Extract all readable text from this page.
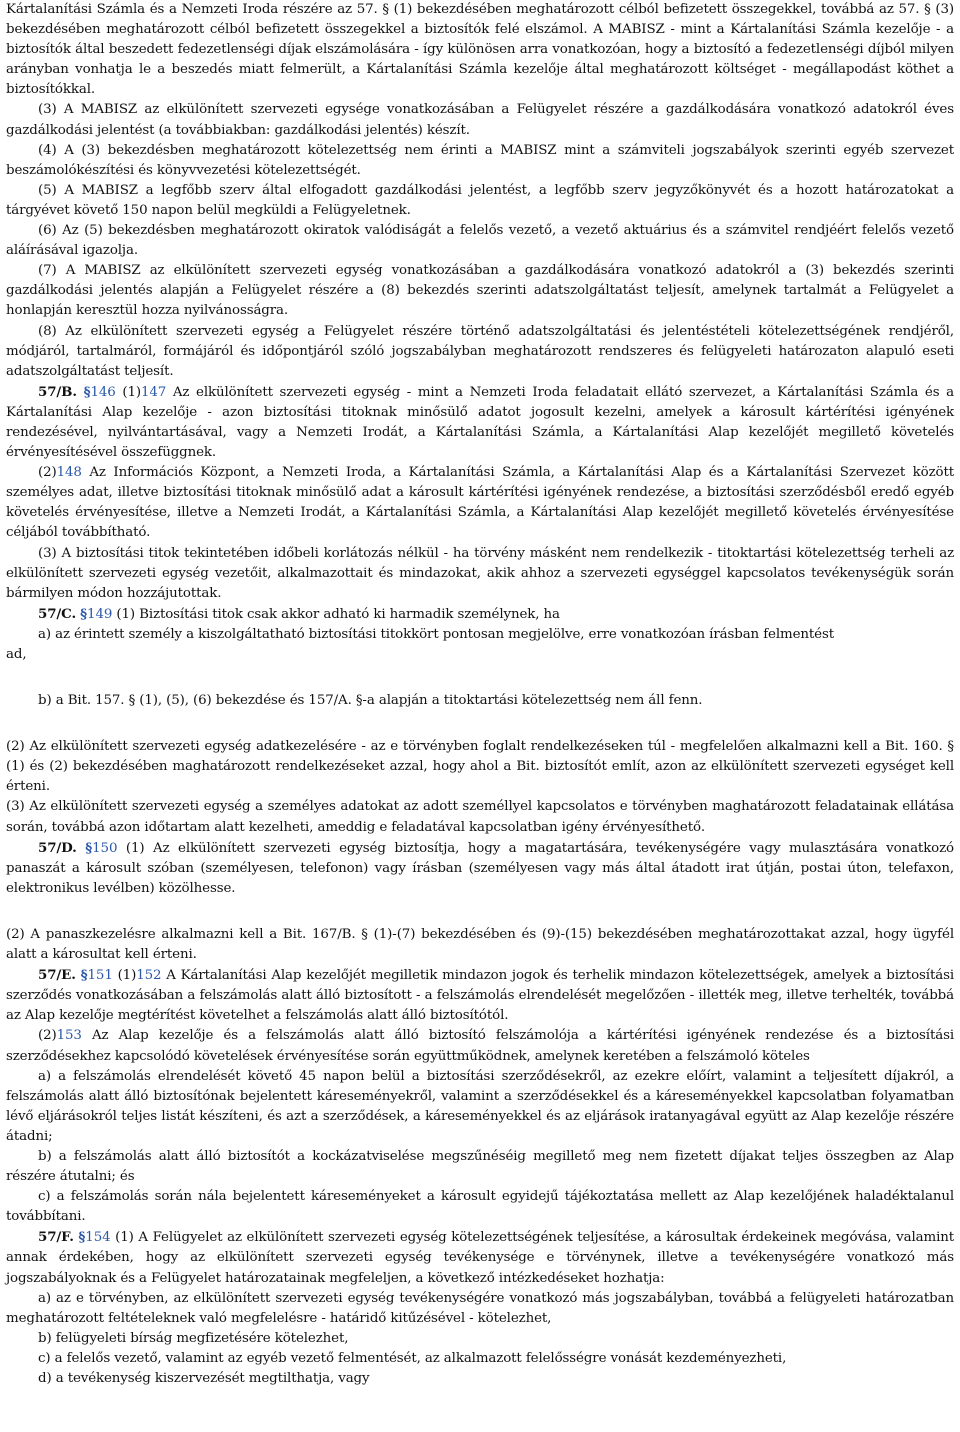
Kártalanítási Számla és a Nemzeti Iroda részére az 57. § (1) bekezdésében meghatározott célból befizetett összegekkel, továbbá az 57. § (3) bekezdésében meghatározott célból befizetett összegekkel a biztosítók felé elszámol. A MABISZ - mint a Kártalanítási Számla kezelője - a biztosítók által beszedett fedezetlenségi díjak elszámolására - így különösen arra vonatkozóan, hogy a biztosító a fedezetlenségi díjból milyen arányban vonhatja le a beszedés miatt felmerült, a Kártalanítási Számla kezelője által meghatározott költséget - megállapodást köthet a biztosítókkal.

(3) A MABISZ az elkülönített szervezeti egysége vonatkozásában a Felügyelet részére a gazdálkodására vonatkozó adatokról éves gazdálkodási jelentést (a továbbiakban: gazdálkodási jelentés) készít.

(4) A (3) bekezdésben meghatározott kötelezettség nem érinti a MABISZ mint a számviteli jogszabályok szerinti egyéb szervezet beszámolókészítési és könyvvezetési kötelezettségét.

(5) A MABISZ a legfőbb szerv által elfogadott gazdálkodási jelentést, a legfőbb szerv jegyzőkönyvét és a hozott határozatokat a tárgyévet követő 150 napon belül megküldi a Felügyeletnek.

(6) Az (5) bekezdésben meghatározott okiratok valódiságát a felelős vezető, a vezető aktuárius és a számvitel rendjéért felelős vezető aláírásával igazolja.

(7) A MABISZ az elkülönített szervezeti egység vonatkozásában a gazdálkodására vonatkozó adatokról a (3) bekezdés szerinti gazdálkodási jelentés alapján a Felügyelet részére a (8) bekezdés szerinti adatszolgáltatást teljesít, amelynek tartalmát a Felügyelet a honlapján keresztül hozza nyilvánosságra.

(8) Az elkülönített szervezeti egység a Felügyelet részére történő adatszolgáltatási és jelentéstételi kötelezettségének rendjéről, módjáról, tartalmáról, formájáról és időpontjáról szóló jogszabályban meghatározott rendszeres és felügyeleti határozaton alapuló eseti adatszolgáltatást teljesít.

57/B. §146 (1)147 Az elkülönített szervezeti egység - mint a Nemzeti Iroda feladatait ellátó szervezet, a Kártalanítási Számla és a Kártalanítási Alap kezelője - azon biztosítási titoknak minősülő adatot jogosult kezelni, amelyek a károsult kártérítési igényének rendezésével, nyilvántartásával, vagy a Nemzeti Irodát, a Kártalanítási Számla, a Kártalanítási Alap kezelőjét megillető követelés érvényesítésével összefüggnek.

(2)148 Az Információs Központ, a Nemzeti Iroda, a Kártalanítási Számla, a Kártalanítási Alap és a Kártalanítási Szervezet között személyes adat, illetve biztosítási titoknak minősülő adat a károsult kártérítési igényének rendezése, a biztosítási szerződésből eredő egyéb követelés érvényesítése, illetve a Nemzeti Irodát, a Kártalanítási Számla, a Kártalanítási Alap kezelőjét megillető követelés érvényesítése céljából továbbítható.

(3) A biztosítási titok tekintetében időbeli korlátozás nélkül - ha törvény másként nem rendelkezik - titoktartási kötelezettség terheli az elkülönített szervezeti egység vezetőit, alkalmazottait és mindazokat, akik ahhoz a szervezeti egységgel kapcsolatos tevékenységük során bármilyen módon hozzájutottak.

57/C. §149 (1) Biztosítási titok csak akkor adható ki harmadik személynek, ha

a) az érintett személy a kiszolgáltatható biztosítási titokkört pontosan megjelölve, erre vonatkozóan írásban felmentést

ad,

b) a Bit. 157. § (1), (5), (6) bekezdése és 157/A. §-a alapján a titoktartási kötelezettség nem áll fenn.

(2) Az elkülönített szervezeti egység adatkezelésére - az e törvényben foglalt rendelkezéseken túl - megfelelően alkalmazni kell a Bit. 160. § (1) és (2) bekezdésében maghatározott rendelkezéseket azzal, hogy ahol a Bit. biztosítót említ, azon az elkülönített szervezeti egységet kell érteni.

(3) Az elkülönített szervezeti egység a személyes adatokat az adott személlyel kapcsolatos e törvényben maghatározott feladatainak ellátása során, továbbá azon időtartam alatt kezelheti, ameddig e feladatával kapcsolatban igény érvényesíthető.

57/D. §150 (1) Az elkülönített szervezeti egység biztosítja, hogy a magatartására, tevékenységére vagy mulasztására vonatkozó panaszát a károsult szóban (személyesen, telefonon) vagy írásban (személyesen vagy más által átadott irat útján, postai úton, telefaxon, elektronikus levélben) közölhesse.

(2) A panaszkezelésre alkalmazni kell a Bit. 167/B. § (1)-(7) bekezdésében és (9)-(15) bekezdésében meghatározottakat azzal, hogy ügyfél alatt a károsultat kell érteni.

57/E. §151 (1)152 A Kártalanítási Alap kezelőjét megilletik mindazon jogok és terhelik mindazon kötelezettségek, amelyek a biztosítási szerződés vonatkozásában a felszámolás alatt álló biztosított - a felszámolás elrendelését megelőzően - illették meg, illetve terhelték, továbbá az Alap kezelője megtérítést követelhet a felszámolás alatt álló biztosítótól.

(2)153 Az Alap kezelője és a felszámolás alatt álló biztosító felszámolója a kártérítési igényének rendezése és a biztosítási szerződésekhez kapcsolódó követelések érvényesítése során együttműködnek, amelynek keretében a felszámoló köteles

a) a felszámolás elrendelését követő 45 napon belül a biztosítási szerződésekről, az ezekre előírt, valamint a teljesített díjakról, a felszámolás alatt álló biztosítónak bejelentett káreseményekről, valamint a szerződésekkel és a káreseményekkel kapcsolatban folyamatban lévő eljárásokról teljes listát készíteni, és azt a szerződések, a káreseményekkel és az eljárások iratanyagával együtt az Alap kezelője részére átadni;

b) a felszámolás alatt álló biztosítót a kockázatviselése megszűnéséig megillető meg nem fizetett díjakat teljes összegben az Alap részére átutalni; és

c) a felszámolás során nála bejelentett káreseményeket a károsult egyidejű tájékoztatása mellett az Alap kezelőjének haladéktalanul továbbítani.

57/F. §154 (1) A Felügyelet az elkülönített szervezeti egység kötelezettségének teljesítése, a károsultak érdekeinek megóvása, valamint annak érdekében, hogy az elkülönített szervezeti egység tevékenysége e törvénynek, illetve a tevékenységére vonatkozó más jogszabályoknak és a Felügyelet határozatainak megfeleljen, a következő intézkedéseket hozhatja:

a) az e törvényben, az elkülönített szervezeti egység tevékenységére vonatkozó más jogszabályban, továbbá a felügyeleti határozatban meghatározott feltételeknek való megfelelésre - határidő kitűzésével - kötelezhet,

b) felügyeleti bírság megfizetésére kötelezhet,

c) a felelős vezető, valamint az egyéb vezető felmentését, az alkalmazott felelősségre vonását kezdeményezheti,

d) a tevékenység kiszervezését megtilthatja, vagy
